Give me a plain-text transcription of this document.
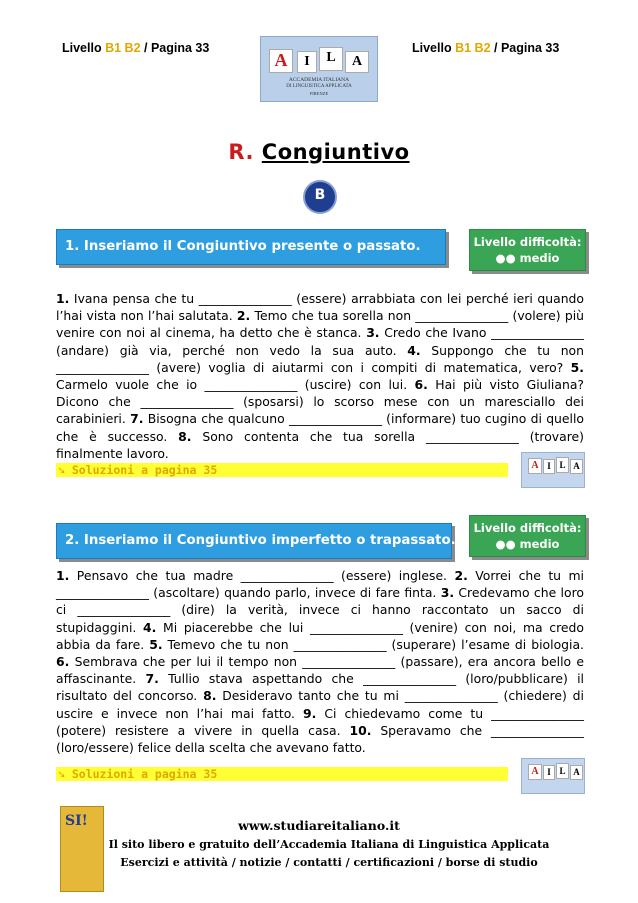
Livello B1 B2 / Pagina 33	Livello B1 B2 / Pagina 33
A	I	L	A
ACCADEMIA ITALIANA
DI LINGUISTICA APPLICATA
FIRENZE
R. Congiuntivo
B
1. Inseriamo il Congiuntivo presente o passato.	Livello difficoltà:
●● medio
1. Ivana pensa che tu _______________ (essere) arrabbiata con lei perché ieri quando l’hai vista non l’hai salutata. 2. Temo che tua sorella non _______________ (volere) più venire con noi al cinema, ha detto che è stanca. 3. Credo che Ivano _______________ (andare) già via, perché non vedo la sua auto. 4. Suppongo che tu non _______________ (avere) voglia di aiutarmi con i compiti di matematica, vero? 5. Carmelo vuole che io _______________ (uscire) con lui. 6. Hai più visto Giuliana? Dicono che _______________ (sposarsi) lo scorso mese con un maresciallo dei carabinieri. 7. Bisogna che qualcuno _______________ (informare) tuo cugino di quello che è successo. 8. Sono contenta che tua sorella _______________ (trovare) finalmente lavoro.
➘ Soluzioni a pagina 35	A I L A
2. Inseriamo il Congiuntivo imperfetto o trapassato.
Livello difficoltà:
●● medio
1. Pensavo che tua madre _______________ (essere) inglese. 2. Vorrei che tu mi _______________ (ascoltare) quando parlo, invece di fare finta. 3. Credevamo che loro ci _______________ (dire) la verità, invece ci hanno raccontato un sacco di stupidaggini. 4. Mi piacerebbe che lui _______________ (venire) con noi, ma credo abbia da fare. 5. Temevo che tu non _______________ (superare) l’esame di biologia. 6. Sembrava che per lui il tempo non _______________ (passare), era ancora bello e affascinante. 7. Tullio stava aspettando che _______________ (loro/pubblicare) il risultato del concorso. 8. Desideravo tanto che tu mi _______________ (chiedere) di uscire e invece non l’hai mai fatto. 9. Ci chiedevamo come tu _______________ (potere) resistere a vivere in quella casa. 10. Speravamo che _______________ (loro/essere) felice della scelta che avevano fatto.
➘ Soluzioni a pagina 35	A I L A
SI!	www.studiareitaliano.it
Il sito libero e gratuito dell’Accademia Italiana di Linguistica Applicata
Esercizi e attività / notizie / contatti / certificazioni / borse di studio
